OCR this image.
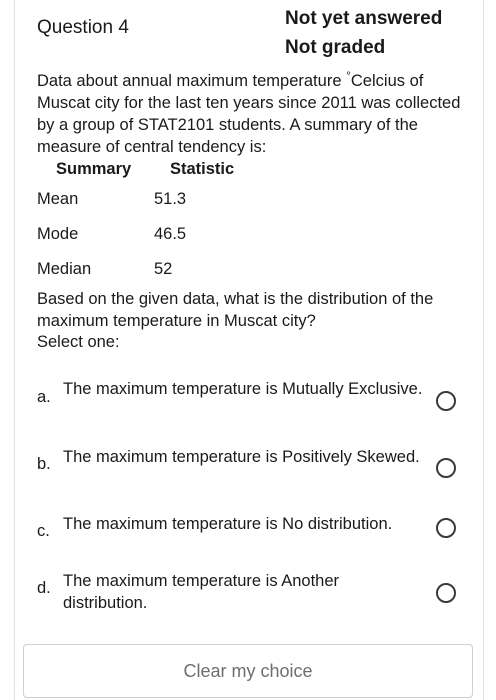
Question 4	Not yet answered
Not graded
Data about annual maximum temperature °Celcius of Muscat city for the last ten years since 2011 was collected by a group of STAT2101 students. A summary of the measure of central tendency is:
Summary Statistic
Mean	51.3
Mode	46.5
Median	52
Based on the given data, what is the distribution of the maximum temperature in Muscat city?
Select one:
a. The maximum temperature is Mutually Exclusive.
b. The maximum temperature is Positively Skewed.
c. The maximum temperature is No distribution.
d. The maximum temperature is Another distribution.
Clear my choice
